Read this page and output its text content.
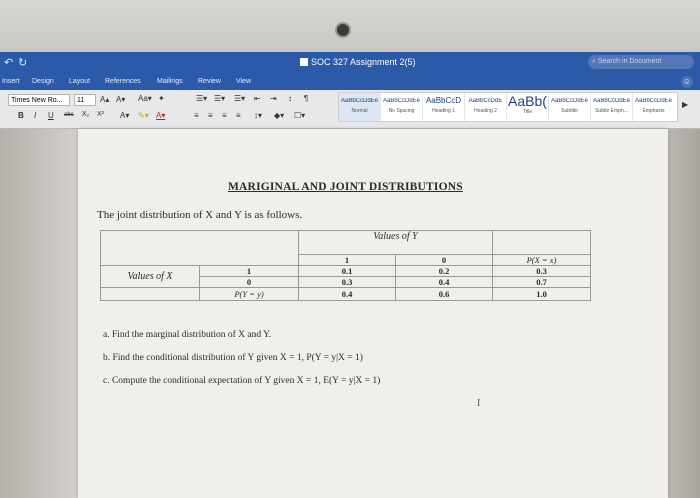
↶ ↻	SOC 327 Assignment 2(5)	⌕ Search in Document
Insert Design Layout References Mailings Review View	☺
Times New Ro...	11	A▴ A▾ Aa▾ ✦
B I U abc X₂ X² A▾ ✎▾ A▾
☰▾ ☰▾ ☰▾ ⇤ ⇥ ↕ ¶
≡ ≡ ≡ ≡ ↕▾ ◆▾ ☐▾
AaBbCcDdEe
Normal
AaBbCcDdEe
No Spacing
AaBbCcD
Heading 1
AaBbCcDdE
Heading 2
AaBb(
Title
AaBbCcDdEe
Subtitle
AaBbCcDdEe
Subtle Emph...
AaBbCcDdEe
Emphasis
▶
MARIGINAL AND JOINT DISTRIBUTIONS
The joint distribution of X and Y is as follows.
		Values of Y		
		1	0	P(X = x)
Values of X	1	0.1	0.2	0.3
	0	0.3	0.4	0.7
	P(Y = y)	0.4	0.6	1.0
a. Find the marginal distribution of X and Y.
b. Find the conditional distribution of Y given X = 1, P(Y = y|X = 1)
c. Compute the conditional expectation of Y given X = 1, E(Y = y|X = 1)
I
